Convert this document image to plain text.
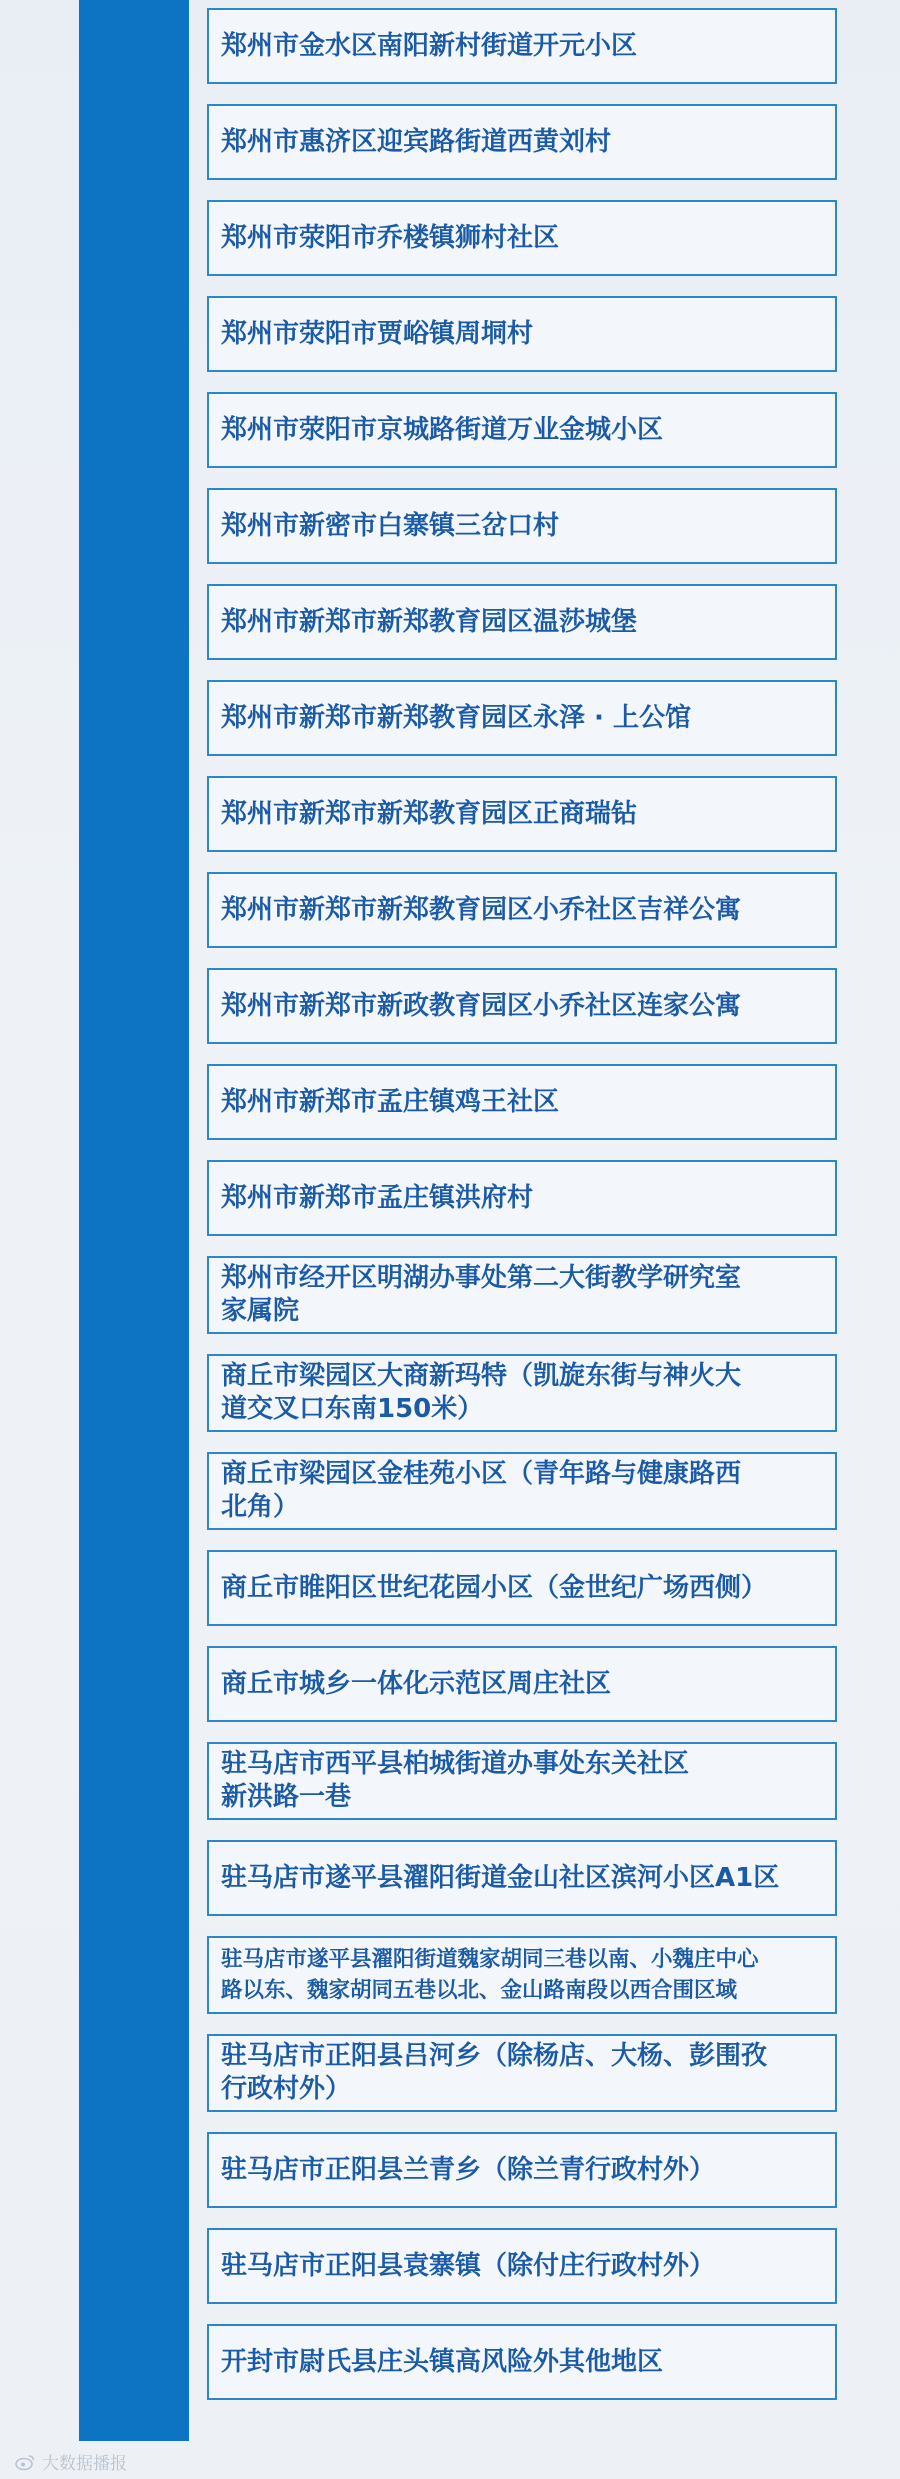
郑州市金水区南阳新村街道开元小区
郑州市惠济区迎宾路街道西黄刘村
郑州市荥阳市乔楼镇狮村社区
郑州市荥阳市贾峪镇周垌村
郑州市荥阳市京城路街道万业金城小区
郑州市新密市白寨镇三岔口村
郑州市新郑市新郑教育园区温莎城堡
郑州市新郑市新郑教育园区永泽 · 上公馆
郑州市新郑市新郑教育园区正商瑞钻
郑州市新郑市新郑教育园区小乔社区吉祥公寓
郑州市新郑市新政教育园区小乔社区连家公寓
郑州市新郑市孟庄镇鸡王社区
郑州市新郑市孟庄镇洪府村
郑州市经开区明湖办事处第二大街教学研究室
家属院
商丘市梁园区大商新玛特（凯旋东街与神火大
道交叉口东南150米）
商丘市梁园区金桂苑小区（青年路与健康路西
北角）
商丘市睢阳区世纪花园小区（金世纪广场西侧）
商丘市城乡一体化示范区周庄社区
驻马店市西平县柏城街道办事处东关社区
新洪路一巷
驻马店市遂平县濯阳街道金山社区滨河小区A1区
驻马店市遂平县濯阳街道魏家胡同三巷以南、小魏庄中心
路以东、魏家胡同五巷以北、金山路南段以西合围区域
驻马店市正阳县吕河乡（除杨店、大杨、彭围孜
行政村外）
驻马店市正阳县兰青乡（除兰青行政村外）
驻马店市正阳县袁寨镇（除付庄行政村外）
开封市尉氏县庄头镇高风险外其他地区
大数据播报
